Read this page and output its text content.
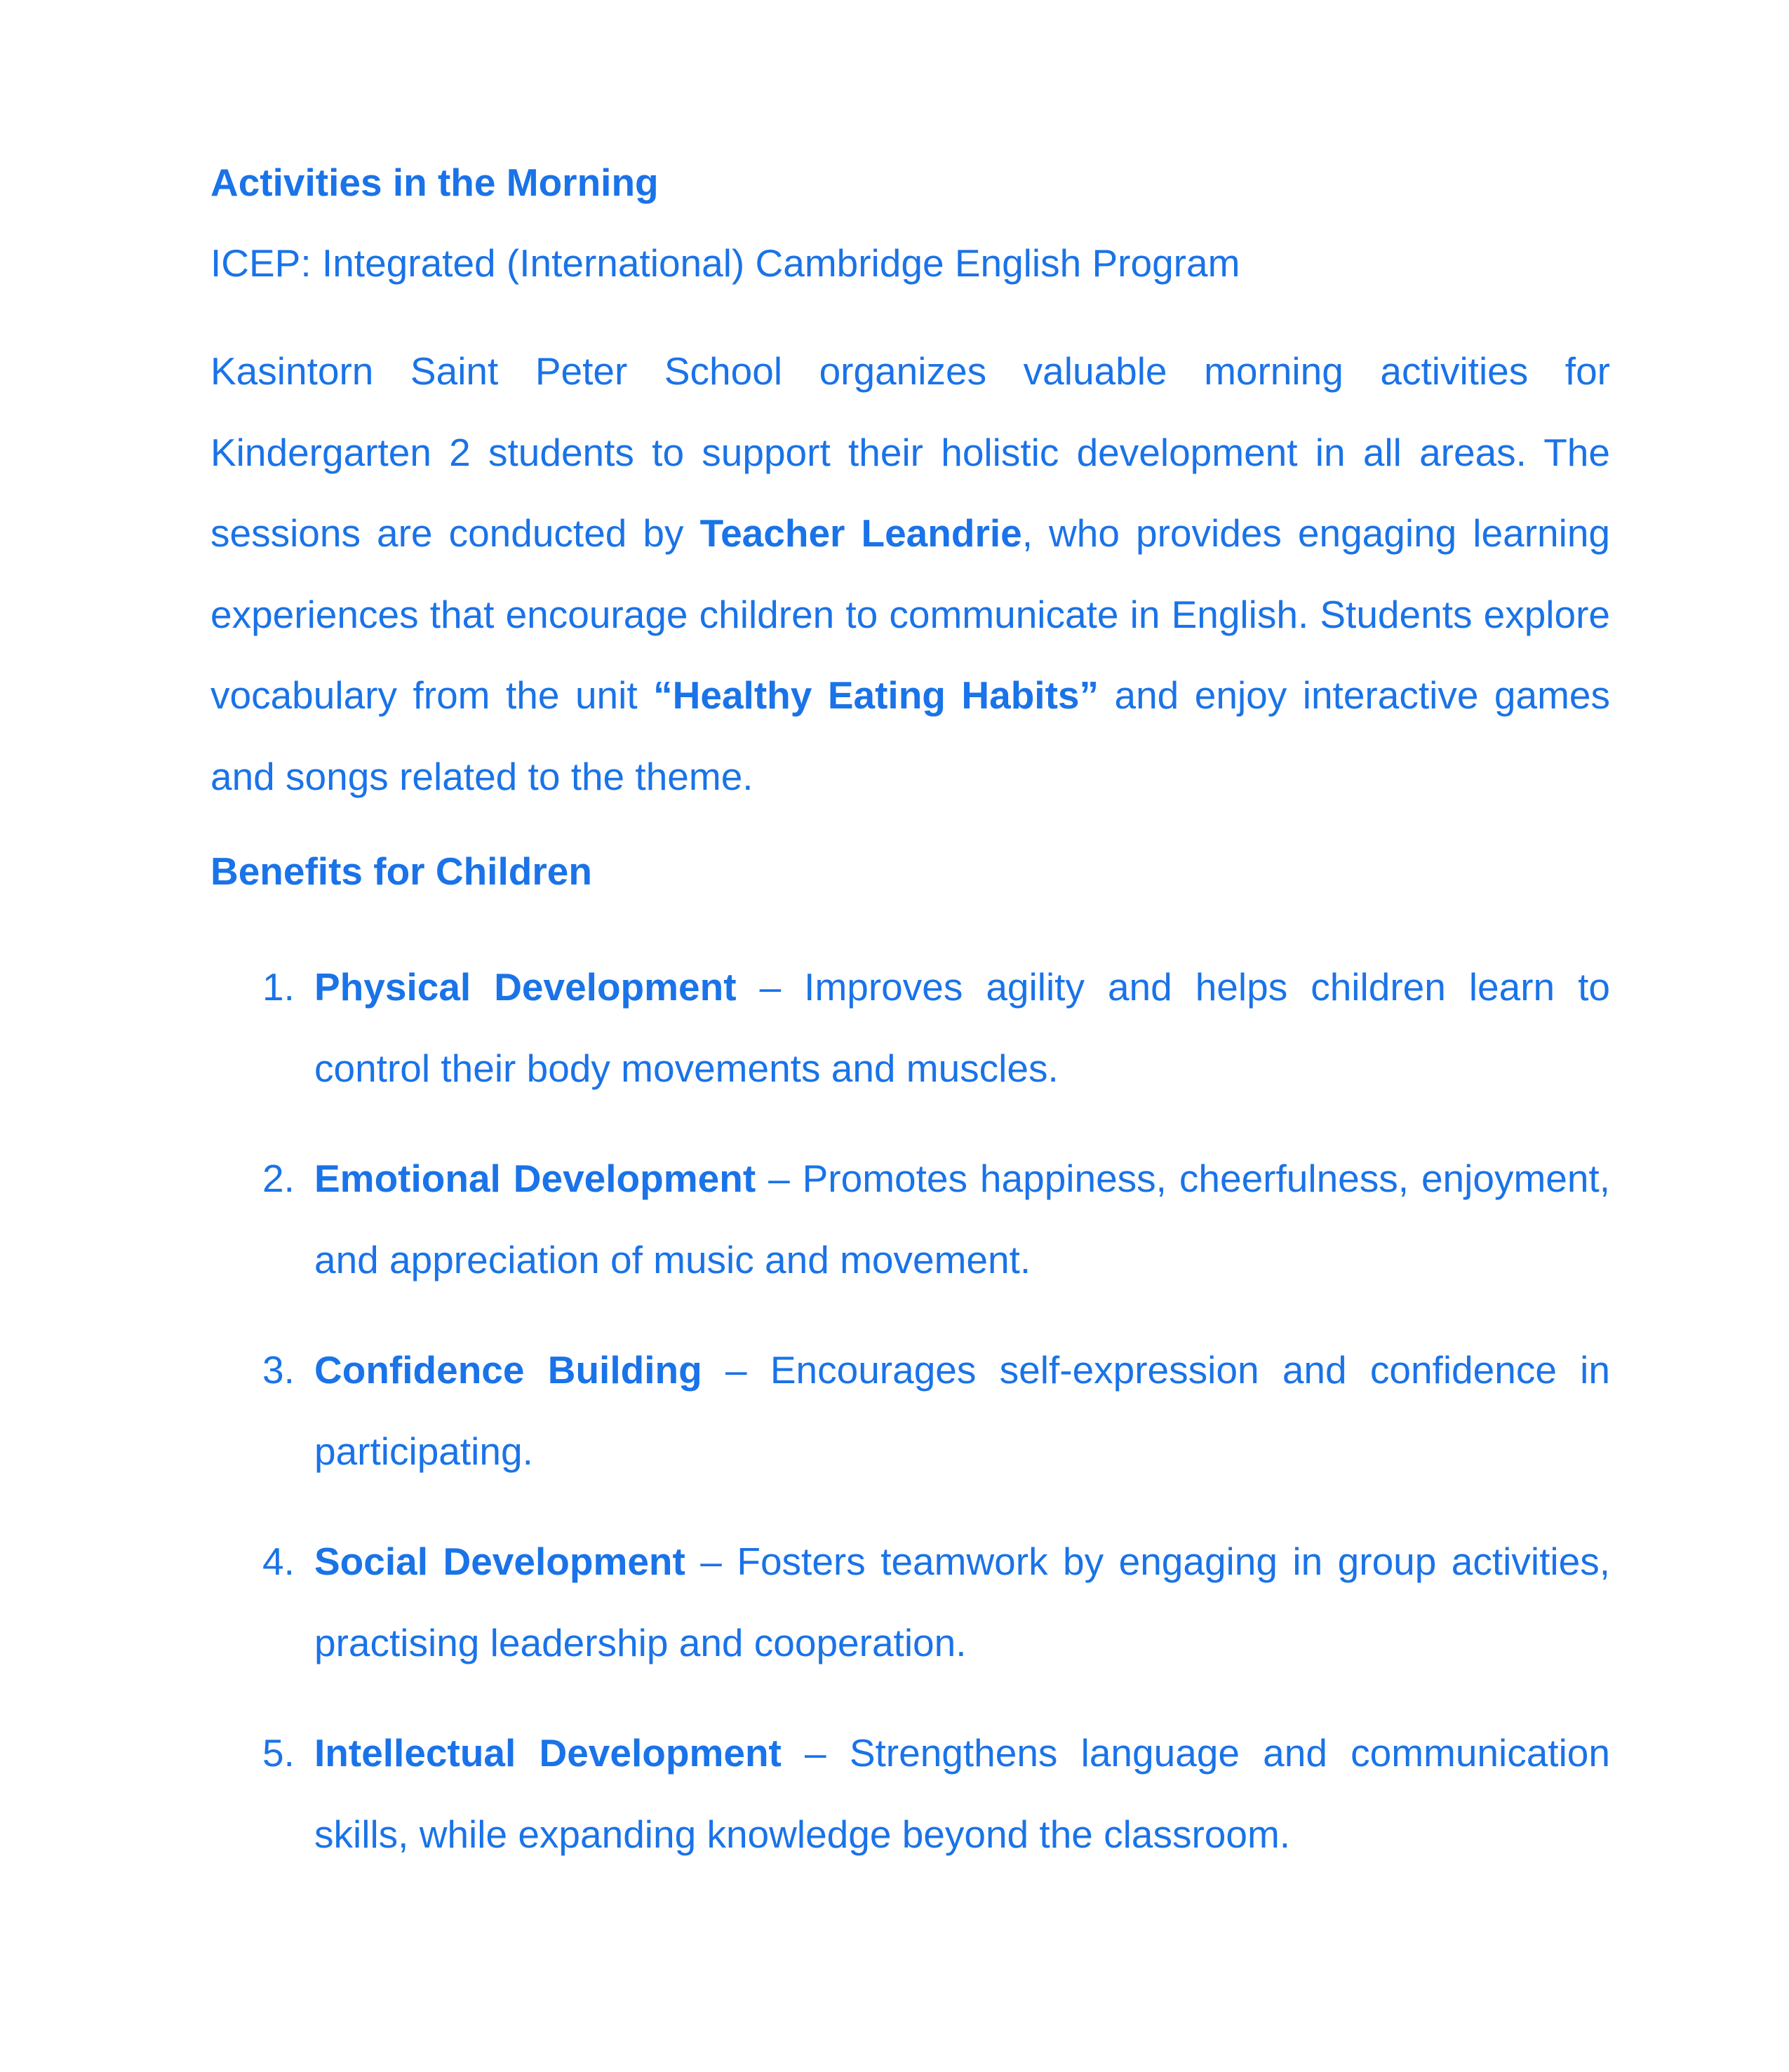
Activities in the Morning

ICEP: Integrated (International) Cambridge English Program

Kasintorn Saint Peter School organizes valuable morning activities for Kindergarten 2 students to support their holistic development in all areas. The sessions are conducted by Teacher Leandrie, who provides engaging learning experiences that encourage children to communicate in English. Students explore vocabulary from the unit “Healthy Eating Habits” and enjoy interactive games and songs related to the theme.

Benefits for Children
1. Physical Development – Improves agility and helps children learn to control their body movements and muscles.
2. Emotional Development – Promotes happiness, cheerfulness, enjoyment, and appreciation of music and movement.
3. Confidence Building – Encourages self-expression and confidence in participating.
4. Social Development – Fosters teamwork by engaging in group activities, practising leadership and cooperation.
5. Intellectual Development – Strengthens language and communication skills, while expanding knowledge beyond the classroom.
